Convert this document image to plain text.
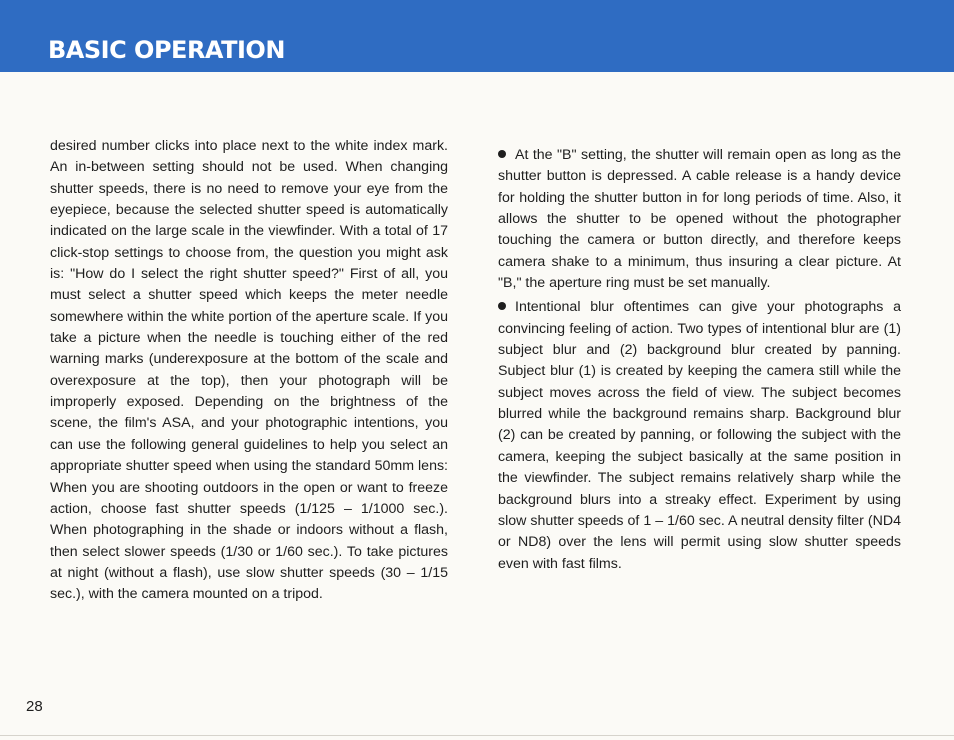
BASIC OPERATION

desired number clicks into place next to the white index mark. An in-between setting should not be used. When changing shutter speeds, there is no need to remove your eye from the eyepiece, because the selected shutter speed is automatically indicated on the large scale in the viewfinder. With a total of 17 click-stop settings to choose from, the question you might ask is: "How do I select the right shutter speed?" First of all, you must select a shutter speed which keeps the meter needle somewhere within the white portion of the aperture scale. If you take a picture when the needle is touching either of the red warning marks (underexposure at the bottom of the scale and overexposure at the top), then your photograph will be improperly exposed. Depending on the brightness of the scene, the film's ASA, and your photographic intentions, you can use the following general guidelines to help you select an appropriate shutter speed when using the standard 50mm lens: When you are shooting outdoors in the open or want to freeze action, choose fast shutter speeds (1/125 – 1/1000 sec.). When photographing in the shade or indoors without a flash, then select slower speeds (1/30 or 1/60 sec.). To take pictures at night (without a flash), use slow shutter speeds (30 – 1/15 sec.), with the camera mounted on a tripod.

At the "B" setting, the shutter will remain open as long as the shutter button is depressed. A cable release is a handy device for holding the shutter button in for long periods of time. Also, it allows the shutter to be opened without the photographer touching the camera or button directly, and therefore keeps camera shake to a minimum, thus insuring a clear picture. At "B," the aperture ring must be set manually.

Intentional blur oftentimes can give your photographs a convincing feeling of action. Two types of intentional blur are (1) subject blur and (2) background blur created by panning. Subject blur (1) is created by keeping the camera still while the subject moves across the field of view. The subject becomes blurred while the background remains sharp. Background blur (2) can be created by panning, or following the subject with the camera, keeping the subject basically at the same position in the viewfinder. The subject remains relatively sharp while the background blurs into a streaky effect. Experiment by using slow shutter speeds of 1 – 1/60 sec. A neutral density filter (ND4 or ND8) over the lens will permit using slow shutter speeds even with fast films.

28
